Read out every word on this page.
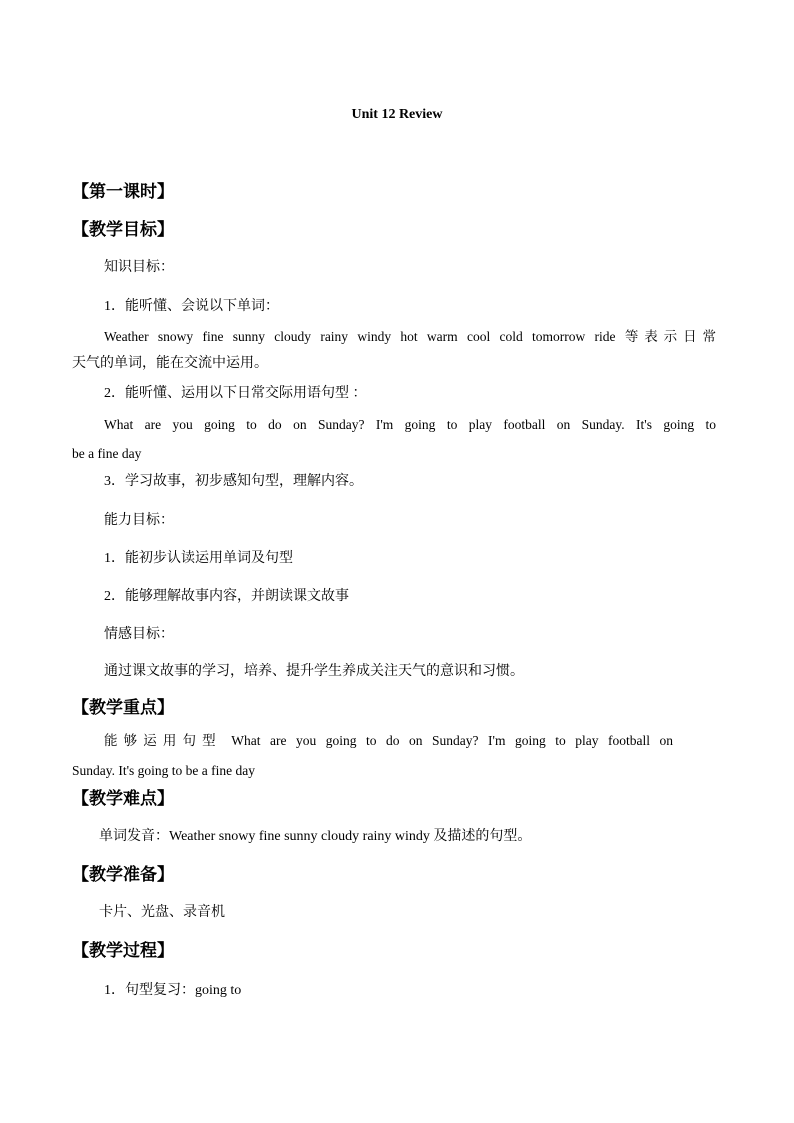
Unit 12 Review
【第一课时】
【教学目标】
知识目标：
1．能听懂、会说以下单词：
Weather snowy fine sunny cloudy rainy windy hot warm cool cold tomorrow ride 等表示日常
天气的单词，能在交流中运用。
2．能听懂、运用以下日常交际用语句型 ：
What are you going to do on Sunday? I'm going to play football on Sunday. It's going to
be a fine day
3．学习故事，初步感知句型，理解内容。
能力目标：
1．能初步认读运用单词及句型
2．能够理解故事内容，并朗读课文故事
情感目标：
通过课文故事的学习，培养、提升学生养成关注天气的意识和习惯。
【教学重点】
能够运用句型 What are you going to do on Sunday? I'm going to play football on
Sunday. It's going to be a fine day
【教学难点】
单词发音：Weather snowy fine sunny cloudy rainy windy 及描述的句型。
【教学准备】
卡片、光盘、录音机
【教学过程】
1．句型复习：going to
